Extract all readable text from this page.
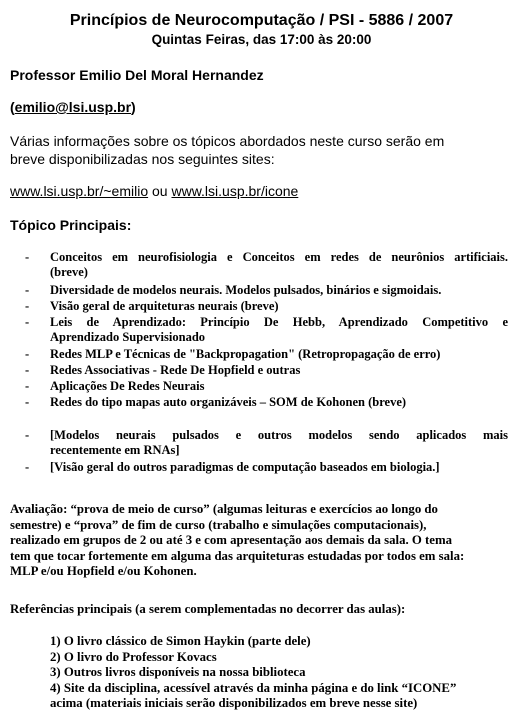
Princípios de Neurocomputação / PSI - 5886 / 2007
Quintas Feiras, das 17:00 às 20:00
Professor Emilio Del Moral Hernandez
(emilio@lsi.usp.br)
Várias informações sobre os tópicos abordados neste curso serão em
breve disponibilizadas nos seguintes sites:
www.lsi.usp.br/~emilio ou www.lsi.usp.br/icone
Tópico Principais:
- Conceitos em neurofisiologia e Conceitos em redes de neurônios artificiais.
(breve)
- Diversidade de modelos neurais. Modelos pulsados, binários e sigmoidais.
- Visão geral de arquiteturas neurais (breve)
- Leis de Aprendizado: Princípio De Hebb, Aprendizado Competitivo e
Aprendizado Supervisionado
- Redes MLP e Técnicas de "Backpropagation" (Retropropagação de erro)
- Redes Associativas - Rede De Hopfield e outras
- Aplicações De Redes Neurais
- Redes do tipo mapas auto organizáveis – SOM de Kohonen (breve)
- [Modelos neurais pulsados e outros modelos sendo aplicados mais
recentemente em RNAs]
- [Visão geral do outros paradigmas de computação baseados em biologia.]
Avaliação: “prova de meio de curso” (algumas leituras e exercícios ao longo do
semestre) e “prova” de fim de curso (trabalho e simulações computacionais),
realizado em grupos de 2 ou até 3 e com apresentação aos demais da sala. O tema
tem que tocar fortemente em alguma das arquiteturas estudadas por todos em sala:
MLP e/ou Hopfield e/ou Kohonen.
Referências principais (a serem complementadas no decorrer das aulas):
1) O livro clássico de Simon Haykin (parte dele)
2) O livro do Professor Kovacs
3) Outros livros disponíveis na nossa biblioteca
4) Site da disciplina, acessível através da minha página e do link “ICONE”
acima (materiais iniciais serão disponibilizados em breve nesse site)
